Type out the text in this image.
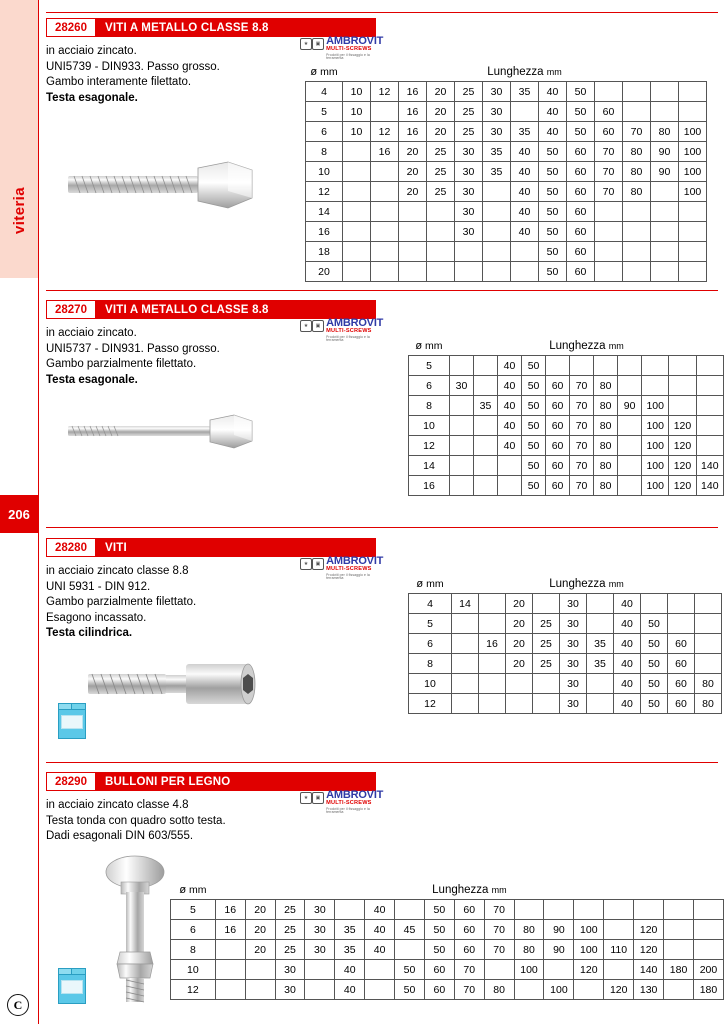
viteria
206
C
28260	VITI A METALLO CLASSE 8.8
in acciaio zincato.
UNI5739 - DIN933. Passo grosso.
Gambo interamente filettato.
Testa esagonale.
★	▣ AMBROVIT
MULTI-SCREWS
Prodotti per il fissaggio e la ferramenta
ø mm	Lunghezza mm												
4	10	12	16	20	25	30	35	40	50				
5	10		16	20	25	30		40	50	60			
6	10	12	16	20	25	30	35	40	50	60	70	80	100
8		16	20	25	30	35	40	50	60	70	80	90	100
10			20	25	30	35	40	50	60	70	80	90	100
12			20	25	30		40	50	60	70	80		100
14					30		40	50	60				
16					30		40	50	60				
18								50	60				
20								50	60				
28270	VITI A METALLO CLASSE 8.8
in acciaio zincato.
UNI5737 - DIN931. Passo grosso.
Gambo parzialmente filettato.
Testa esagonale.
★	▣ AMBROVIT
MULTI-SCREWS
Prodotti per il fissaggio e la ferramenta	ø mm	Lunghezza mm										
5			40	50							
6	30		40	50	60	70	80				
8		35	40	50	60	70	80	90	100		
10			40	50	60	70	80		100	120	
12			40	50	60	70	80		100	120	
14				50	60	70	80		100	120	140
16				50	60	70	80		100	120	140
28280	VITI
in acciaio zincato classe 8.8
UNI 5931 - DIN 912.
Gambo parzialmente filettato.
Esagono incassato.
Testa cilindrica.
★	▣ AMBROVIT
MULTI-SCREWS
Prodotti per il fissaggio e la ferramenta	ø mm	Lunghezza mm									
4	14		20		30		40			
5			20	25	30		40	50		
6		16	20	25	30	35	40	50	60	
8			20	25	30	35	40	50	60	
10					30		40	50	60	80
12					30		40	50	60	80
28290	BULLONI PER LEGNO
in acciaio zincato classe 4.8
Testa tonda con quadro sotto testa.
Dadi esagonali DIN 603/555.
★	▣ AMBROVIT
MULTI-SCREWS
Prodotti per il fissaggio e la ferramenta
ø mm	Lunghezza mm																
5	16	20	25	30		40		50	60	70							
6	16	20	25	30	35	40	45	50	60	70	80	90	100		120		
8		20	25	30	35	40		50	60	70	80	90	100	110	120		
10			30		40		50	60	70		100		120		140	180	200
12			30		40		50	60	70	80		100		120	130		180
